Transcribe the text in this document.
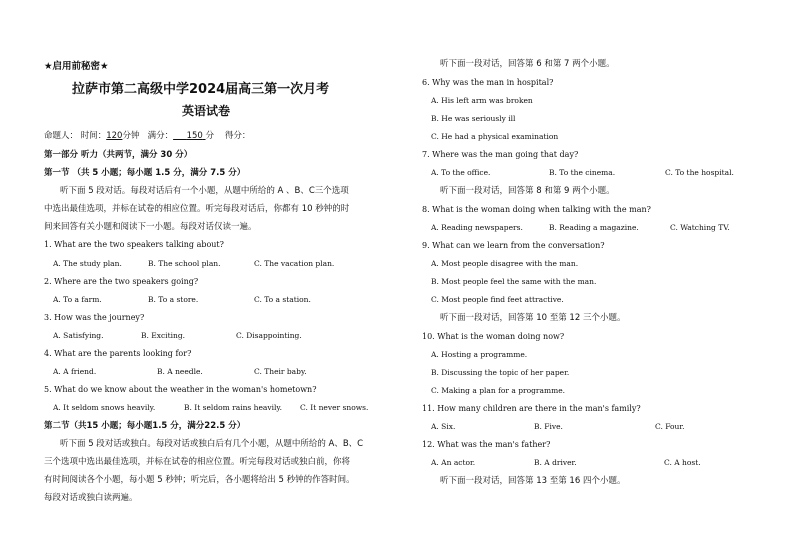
★启用前秘密★
拉萨市第二高级中学2024届高三第一次月考
英语试卷
命题人： 时间：120分钟 满分： 150 分 得分：
第一部分 听力（共两节，满分 30 分）
第一节 （共 5 小题；每小题 1.5 分，满分 7.5 分）
听下面 5 段对话。每段对话后有一个小题，从题中所给的 A 、B、C三个选项
中选出最佳选项，并标在试卷的相应位置。听完每段对话后，你都有 10 秒钟的时
间来回答有关小题和阅读下一小题。每段对话仅读一遍。
1. What are the two speakers talking about?
A. The study plan.	B. The school plan.	C. The vacation plan.
2. Where are the two speakers going?
A. To a farm.	B. To a store.	C. To a station.
3. How was the journey?
A. Satisfying.	B. Exciting.	C. Disappointing.
4. What are the parents looking for?
A. A friend.	B. A needle.	C. Their baby.
5. What do we know about the weather in the woman's hometown?
A. It seldom snows heavily.	B. It seldom rains heavily. C. It never snows.
第二节（共15 小题；每小题1.5 分，满分22.5 分）
听下面 5 段对话或独白。每段对话或独白后有几个小题，从题中所给的 A、B、C
三个选项中选出最佳选项，并标在试卷的相应位置。听完每段对话或独白前，你将
有时间阅读各个小题，每小题 5 秒钟；听完后，各小题将给出 5 秒钟的作答时间。
每段对话或独白读两遍。
听下面一段对话，回答第 6 和第 7 两个小题。
6. Why was the man in hospital?
A. His left arm was broken
B. He was seriously ill
C. He had a physical examination
7. Where was the man going that day?
A. To the office.	B. To the cinema.	C. To the hospital.
听下面一段对话，回答第 8 和第 9 两个小题。
8. What is the woman doing when talking with the man?
A. Reading newspapers.	B. Reading a magazine.	C. Watching TV.
9. What can we learn from the conversation?
A. Most people disagree with the man.
B. Most people feel the same with the man.
C. Most people find feet attractive.
听下面一段对话，回答第 10 至第 12 三个小题。
10. What is the woman doing now?
A. Hosting a programme.
B. Discussing the topic of her paper.
C. Making a plan for a programme.
11. How many children are there in the man's family?
A. Six.	B. Five.	C. Four.
12. What was the man's father?
A. An actor.	B. A driver.	C. A host.
听下面一段对话，回答第 13 至第 16 四个小题。
